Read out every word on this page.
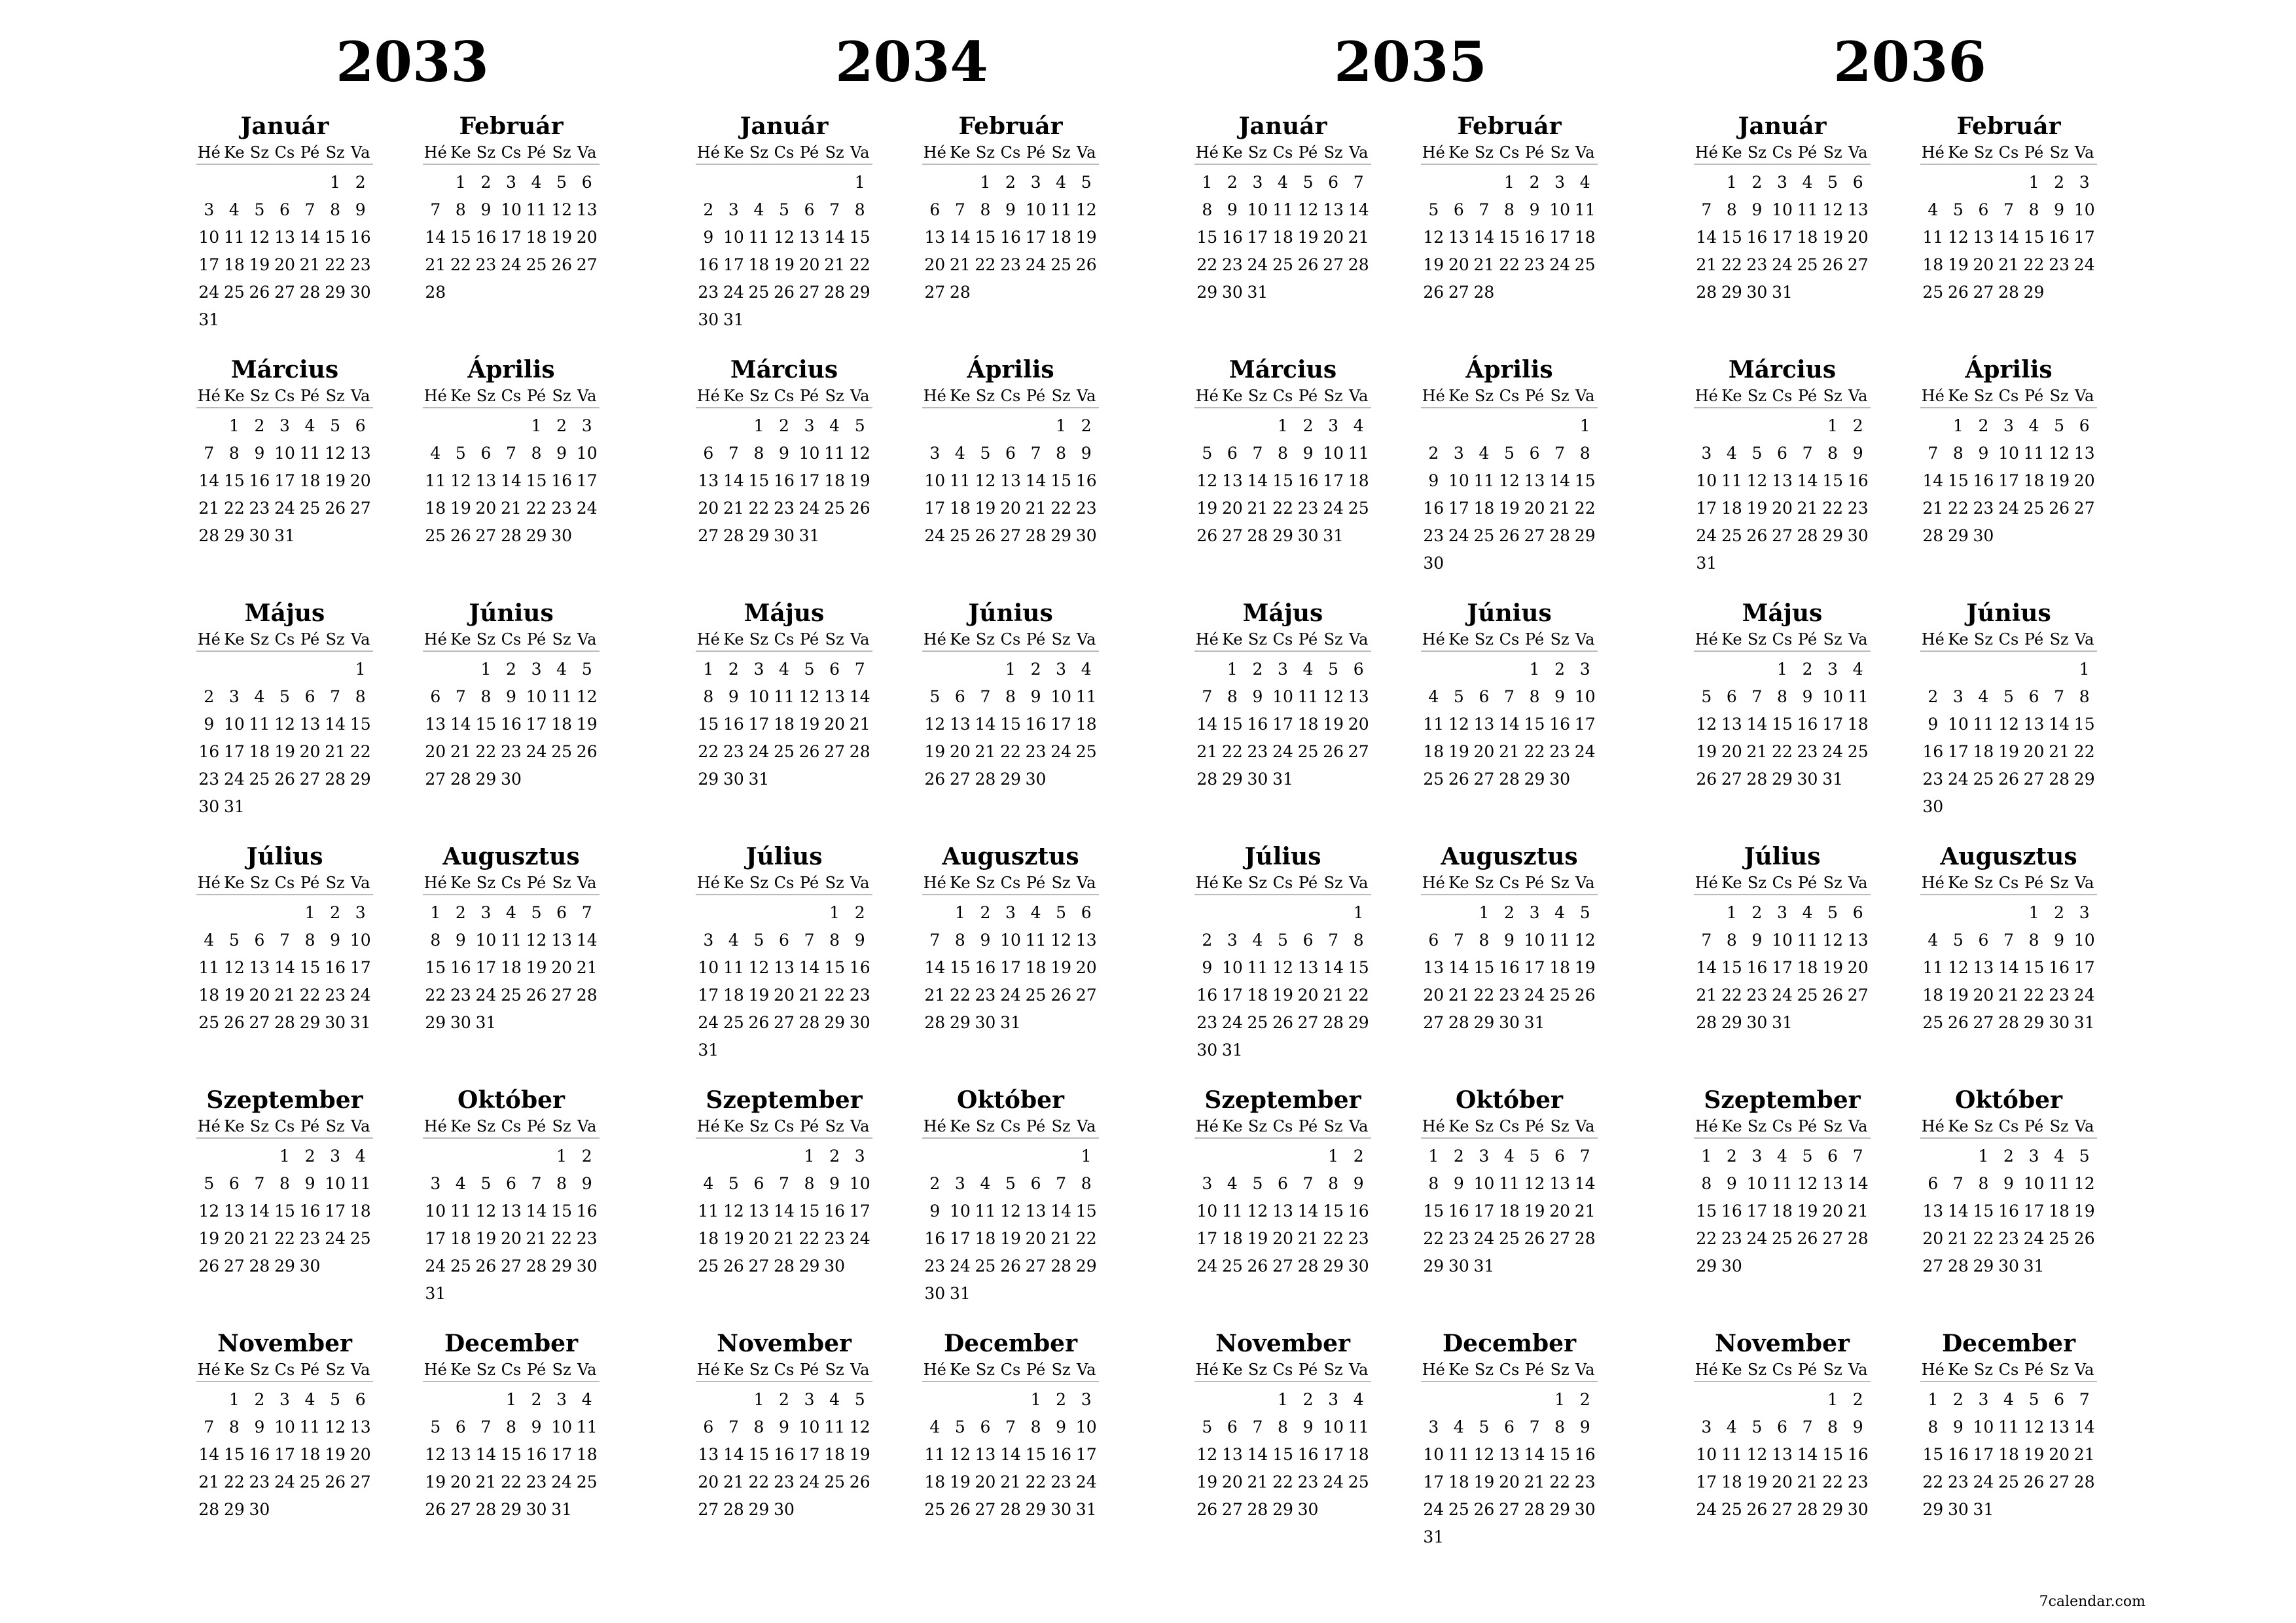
2033
Január
Hé Ke Sz Cs Pé Sz Va
1 2
3 4 5 6 7 8 9
10 11 12 13 14 15 16
17 18 19 20 21 22 23
24 25 26 27 28 29 30
31
Február
Hé Ke Sz Cs Pé Sz Va
1 2 3 4 5 6
7 8 9 10 11 12 13
14 15 16 17 18 19 20
21 22 23 24 25 26 27
28
Március
Hé Ke Sz Cs Pé Sz Va
1 2 3 4 5 6
7 8 9 10 11 12 13
14 15 16 17 18 19 20
21 22 23 24 25 26 27
28 29 30 31
Április
Hé Ke Sz Cs Pé Sz Va
1 2 3
4 5 6 7 8 9 10
11 12 13 14 15 16 17
18 19 20 21 22 23 24
25 26 27 28 29 30
Május
Hé Ke Sz Cs Pé Sz Va
1
2 3 4 5 6 7 8
9 10 11 12 13 14 15
16 17 18 19 20 21 22
23 24 25 26 27 28 29
30 31
Június
Hé Ke Sz Cs Pé Sz Va
1 2 3 4 5
6 7 8 9 10 11 12
13 14 15 16 17 18 19
20 21 22 23 24 25 26
27 28 29 30
Július
Hé Ke Sz Cs Pé Sz Va
1 2 3
4 5 6 7 8 9 10
11 12 13 14 15 16 17
18 19 20 21 22 23 24
25 26 27 28 29 30 31
Augusztus
Hé Ke Sz Cs Pé Sz Va
1 2 3 4 5 6 7
8 9 10 11 12 13 14
15 16 17 18 19 20 21
22 23 24 25 26 27 28
29 30 31
Szeptember
Hé Ke Sz Cs Pé Sz Va
1 2 3 4
5 6 7 8 9 10 11
12 13 14 15 16 17 18
19 20 21 22 23 24 25
26 27 28 29 30
Október
Hé Ke Sz Cs Pé Sz Va
1 2
3 4 5 6 7 8 9
10 11 12 13 14 15 16
17 18 19 20 21 22 23
24 25 26 27 28 29 30
31
November
Hé Ke Sz Cs Pé Sz Va
1 2 3 4 5 6
7 8 9 10 11 12 13
14 15 16 17 18 19 20
21 22 23 24 25 26 27
28 29 30
December
Hé Ke Sz Cs Pé Sz Va
1 2 3 4
5 6 7 8 9 10 11
12 13 14 15 16 17 18
19 20 21 22 23 24 25
26 27 28 29 30 31
2034
Január
Hé Ke Sz Cs Pé Sz Va
1
2 3 4 5 6 7 8
9 10 11 12 13 14 15
16 17 18 19 20 21 22
23 24 25 26 27 28 29
30 31
Február
Hé Ke Sz Cs Pé Sz Va
1 2 3 4 5
6 7 8 9 10 11 12
13 14 15 16 17 18 19
20 21 22 23 24 25 26
27 28
Március
Hé Ke Sz Cs Pé Sz Va
1 2 3 4 5
6 7 8 9 10 11 12
13 14 15 16 17 18 19
20 21 22 23 24 25 26
27 28 29 30 31
Április
Hé Ke Sz Cs Pé Sz Va
1 2
3 4 5 6 7 8 9
10 11 12 13 14 15 16
17 18 19 20 21 22 23
24 25 26 27 28 29 30
Május
Hé Ke Sz Cs Pé Sz Va
1 2 3 4 5 6 7
8 9 10 11 12 13 14
15 16 17 18 19 20 21
22 23 24 25 26 27 28
29 30 31
Június
Hé Ke Sz Cs Pé Sz Va
1 2 3 4
5 6 7 8 9 10 11
12 13 14 15 16 17 18
19 20 21 22 23 24 25
26 27 28 29 30
Július
Hé Ke Sz Cs Pé Sz Va
1 2
3 4 5 6 7 8 9
10 11 12 13 14 15 16
17 18 19 20 21 22 23
24 25 26 27 28 29 30
31
Augusztus
Hé Ke Sz Cs Pé Sz Va
1 2 3 4 5 6
7 8 9 10 11 12 13
14 15 16 17 18 19 20
21 22 23 24 25 26 27
28 29 30 31
Szeptember
Hé Ke Sz Cs Pé Sz Va
1 2 3
4 5 6 7 8 9 10
11 12 13 14 15 16 17
18 19 20 21 22 23 24
25 26 27 28 29 30
Október
Hé Ke Sz Cs Pé Sz Va
1
2 3 4 5 6 7 8
9 10 11 12 13 14 15
16 17 18 19 20 21 22
23 24 25 26 27 28 29
30 31
November
Hé Ke Sz Cs Pé Sz Va
1 2 3 4 5
6 7 8 9 10 11 12
13 14 15 16 17 18 19
20 21 22 23 24 25 26
27 28 29 30
December
Hé Ke Sz Cs Pé Sz Va
1 2 3
4 5 6 7 8 9 10
11 12 13 14 15 16 17
18 19 20 21 22 23 24
25 26 27 28 29 30 31
2035
Január
Hé Ke Sz Cs Pé Sz Va
1 2 3 4 5 6 7
8 9 10 11 12 13 14
15 16 17 18 19 20 21
22 23 24 25 26 27 28
29 30 31
Február
Hé Ke Sz Cs Pé Sz Va
1 2 3 4
5 6 7 8 9 10 11
12 13 14 15 16 17 18
19 20 21 22 23 24 25
26 27 28
Március
Hé Ke Sz Cs Pé Sz Va
1 2 3 4
5 6 7 8 9 10 11
12 13 14 15 16 17 18
19 20 21 22 23 24 25
26 27 28 29 30 31
Április
Hé Ke Sz Cs Pé Sz Va
1
2 3 4 5 6 7 8
9 10 11 12 13 14 15
16 17 18 19 20 21 22
23 24 25 26 27 28 29
30
Május
Hé Ke Sz Cs Pé Sz Va
1 2 3 4 5 6
7 8 9 10 11 12 13
14 15 16 17 18 19 20
21 22 23 24 25 26 27
28 29 30 31
Június
Hé Ke Sz Cs Pé Sz Va
1 2 3
4 5 6 7 8 9 10
11 12 13 14 15 16 17
18 19 20 21 22 23 24
25 26 27 28 29 30
Július
Hé Ke Sz Cs Pé Sz Va
1
2 3 4 5 6 7 8
9 10 11 12 13 14 15
16 17 18 19 20 21 22
23 24 25 26 27 28 29
30 31
Augusztus
Hé Ke Sz Cs Pé Sz Va
1 2 3 4 5
6 7 8 9 10 11 12
13 14 15 16 17 18 19
20 21 22 23 24 25 26
27 28 29 30 31
Szeptember
Hé Ke Sz Cs Pé Sz Va
1 2
3 4 5 6 7 8 9
10 11 12 13 14 15 16
17 18 19 20 21 22 23
24 25 26 27 28 29 30
Október
Hé Ke Sz Cs Pé Sz Va
1 2 3 4 5 6 7
8 9 10 11 12 13 14
15 16 17 18 19 20 21
22 23 24 25 26 27 28
29 30 31
November
Hé Ke Sz Cs Pé Sz Va
1 2 3 4
5 6 7 8 9 10 11
12 13 14 15 16 17 18
19 20 21 22 23 24 25
26 27 28 29 30
December
Hé Ke Sz Cs Pé Sz Va
1 2
3 4 5 6 7 8 9
10 11 12 13 14 15 16
17 18 19 20 21 22 23
24 25 26 27 28 29 30
31
2036
Január
Hé Ke Sz Cs Pé Sz Va
1 2 3 4 5 6
7 8 9 10 11 12 13
14 15 16 17 18 19 20
21 22 23 24 25 26 27
28 29 30 31
Február
Hé Ke Sz Cs Pé Sz Va
1 2 3
4 5 6 7 8 9 10
11 12 13 14 15 16 17
18 19 20 21 22 23 24
25 26 27 28 29
Március
Hé Ke Sz Cs Pé Sz Va
1 2
3 4 5 6 7 8 9
10 11 12 13 14 15 16
17 18 19 20 21 22 23
24 25 26 27 28 29 30
31
Április
Hé Ke Sz Cs Pé Sz Va
1 2 3 4 5 6
7 8 9 10 11 12 13
14 15 16 17 18 19 20
21 22 23 24 25 26 27
28 29 30
Május
Hé Ke Sz Cs Pé Sz Va
1 2 3 4
5 6 7 8 9 10 11
12 13 14 15 16 17 18
19 20 21 22 23 24 25
26 27 28 29 30 31
Június
Hé Ke Sz Cs Pé Sz Va
1
2 3 4 5 6 7 8
9 10 11 12 13 14 15
16 17 18 19 20 21 22
23 24 25 26 27 28 29
30
Július
Hé Ke Sz Cs Pé Sz Va
1 2 3 4 5 6
7 8 9 10 11 12 13
14 15 16 17 18 19 20
21 22 23 24 25 26 27
28 29 30 31
Augusztus
Hé Ke Sz Cs Pé Sz Va
1 2 3
4 5 6 7 8 9 10
11 12 13 14 15 16 17
18 19 20 21 22 23 24
25 26 27 28 29 30 31
Szeptember
Hé Ke Sz Cs Pé Sz Va
1 2 3 4 5 6 7
8 9 10 11 12 13 14
15 16 17 18 19 20 21
22 23 24 25 26 27 28
29 30
Október
Hé Ke Sz Cs Pé Sz Va
1 2 3 4 5
6 7 8 9 10 11 12
13 14 15 16 17 18 19
20 21 22 23 24 25 26
27 28 29 30 31
November
Hé Ke Sz Cs Pé Sz Va
1 2
3 4 5 6 7 8 9
10 11 12 13 14 15 16
17 18 19 20 21 22 23
24 25 26 27 28 29 30
December
Hé Ke Sz Cs Pé Sz Va
1 2 3 4 5 6 7
8 9 10 11 12 13 14
15 16 17 18 19 20 21
22 23 24 25 26 27 28
29 30 31
7calendar.com
